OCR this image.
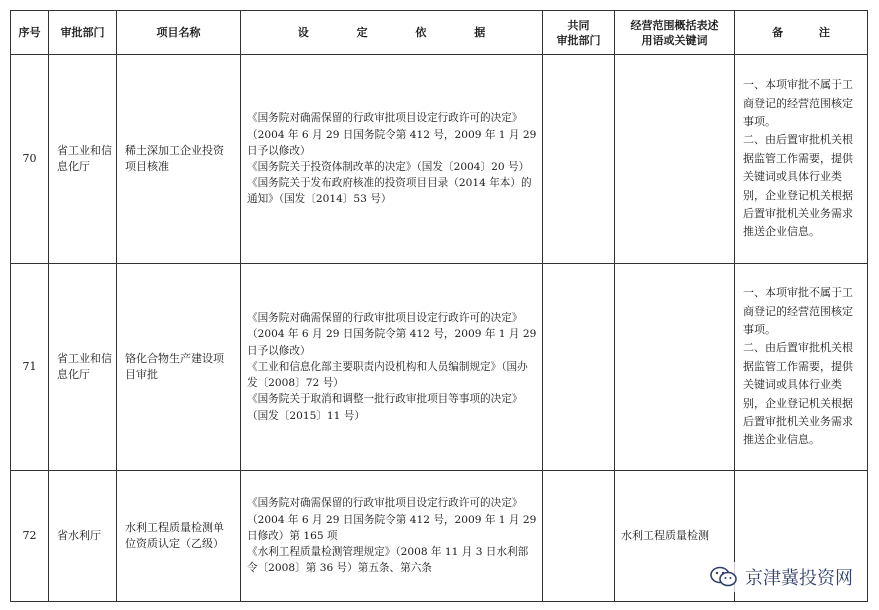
序号	审批部门	项目名称	设 定 依 据	共同
审批部门	经营范围概括表述
用语或关键词	备 注
70	省工业和信息化厅	稀土深加工企业投资项目核准	《国务院对确需保留的行政审批项目设定行政许可的决定》（2004 年 6 月 29 日国务院令第 412 号，2009 年 1 月 29 日予以修改）
《国务院关于投资体制改革的决定》（国发〔2004〕20 号）
《国务院关于发布政府核准的投资项目目录（2014 年本）的通知》（国发〔2014〕53 号）			一、本项审批不属于工商登记的经营范围核定事项。
二、由后置审批机关根据监管工作需要，提供关键词或具体行业类别，企业登记机关根据后置审批机关业务需求推送企业信息。

71	省工业和信息化厅	铬化合物生产建设项目审批	《国务院对确需保留的行政审批项目设定行政许可的决定》（2004 年 6 月 29 日国务院令第 412 号，2009 年 1 月 29 日予以修改）
《工业和信息化部主要职责内设机构和人员编制规定》（国办发〔2008〕72 号）
《国务院关于取消和调整一批行政审批项目等事项的决定》（国发〔2015〕11 号）			一、本项审批不属于工商登记的经营范围核定事项。
二、由后置审批机关根据监管工作需要，提供关键词或具体行业类别，企业登记机关根据后置审批机关业务需求推送企业信息。

72	省水利厅	水利工程质量检测单位资质认定（乙级）	《国务院对确需保留的行政审批项目设定行政许可的决定》（2004 年 6 月 29 日国务院令第 412 号，2009 年 1 月 29 日修改）第 165 项
《水利工程质量检测管理规定》（2008 年 11 月 3 日水利部令〔2008〕第 36 号）第五条、第六条		水利工程质量检测	
京津冀投资网
